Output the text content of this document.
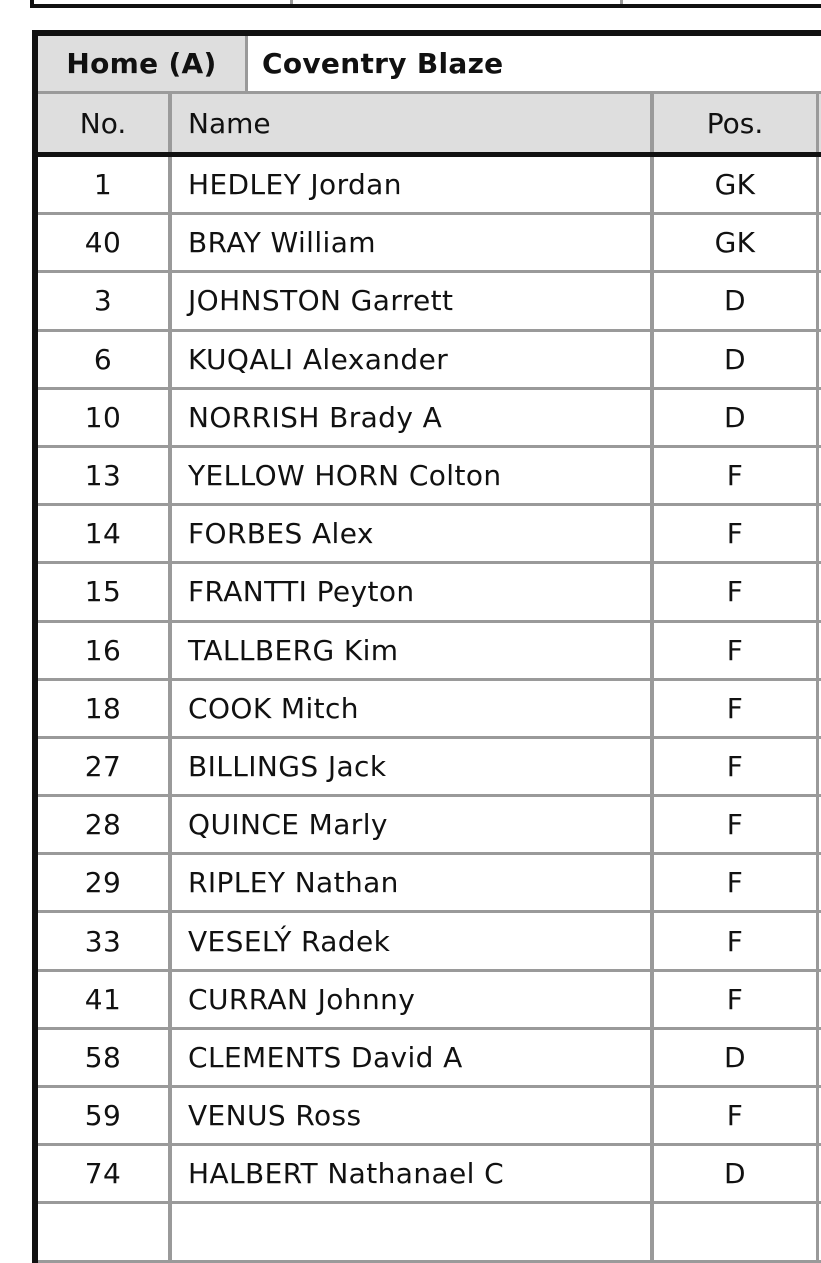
Home (A)	Coventry Blaze
No.	Name	Pos.
1	HEDLEY Jordan	GK
40	BRAY William	GK
3	JOHNSTON Garrett	D
6	KUQALI Alexander	D
10	NORRISH Brady A	D
13	YELLOW HORN Colton	F
14	FORBES Alex	F
15	FRANTTI Peyton	F
16	TALLBERG Kim	F
18	COOK Mitch	F
27	BILLINGS Jack	F
28	QUINCE Marly	F
29	RIPLEY Nathan	F
33	VESELÝ Radek	F
41	CURRAN Johnny	F
58	CLEMENTS David A	D
59	VENUS Ross	F
74	HALBERT Nathanael C	D
